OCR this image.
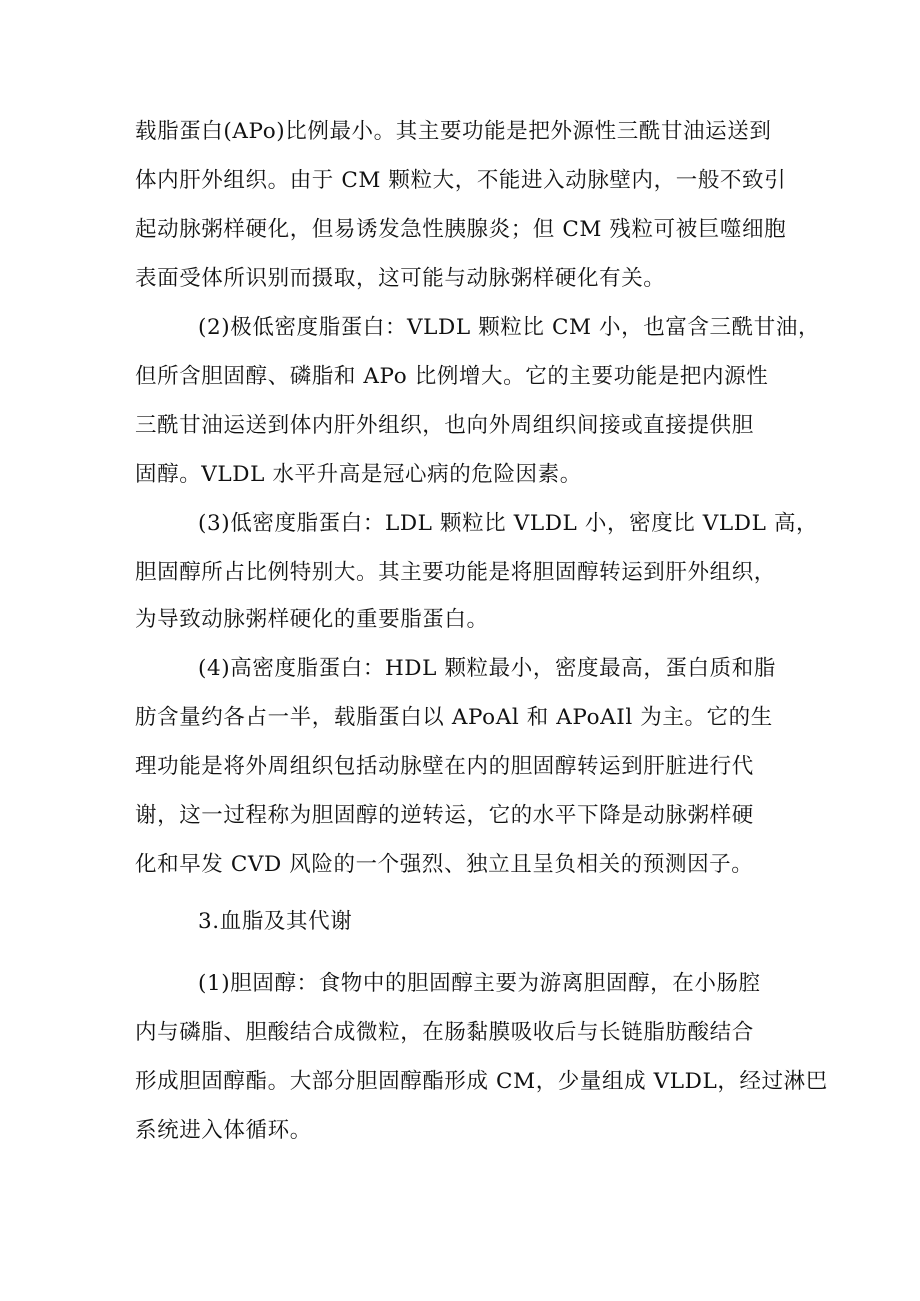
载脂蛋白(APo)比例最小。其主要功能是把外源性三酰甘油运送到
体内肝外组织。由于 CM 颗粒大，不能进入动脉壁内，一般不致引
起动脉粥样硬化，但易诱发急性胰腺炎；但 CM 残粒可被巨噬细胞
表面受体所识别而摄取，这可能与动脉粥样硬化有关。
(2)极低密度脂蛋白：VLDL 颗粒比 CM 小，也富含三酰甘油，
但所含胆固醇、磷脂和 APo 比例增大。它的主要功能是把内源性
三酰甘油运送到体内肝外组织，也向外周组织间接或直接提供胆
固醇。VLDL 水平升高是冠心病的危险因素。
(3)低密度脂蛋白：LDL 颗粒比 VLDL 小，密度比 VLDL 高，
胆固醇所占比例特别大。其主要功能是将胆固醇转运到肝外组织，
为导致动脉粥样硬化的重要脂蛋白。
(4)高密度脂蛋白：HDL 颗粒最小，密度最高，蛋白质和脂
肪含量约各占一半，载脂蛋白以 APoAl 和 APoAIl 为主。它的生
理功能是将外周组织包括动脉壁在内的胆固醇转运到肝脏进行代
谢，这一过程称为胆固醇的逆转运，它的水平下降是动脉粥样硬
化和早发 CVD 风险的一个强烈、独立且呈负相关的预测因子。
3.血脂及其代谢
(1)胆固醇：食物中的胆固醇主要为游离胆固醇，在小肠腔
内与磷脂、胆酸结合成微粒，在肠黏膜吸收后与长链脂肪酸结合
形成胆固醇酯。大部分胆固醇酯形成 CM，少量组成 VLDL，经过淋巴
系统进入体循环。
